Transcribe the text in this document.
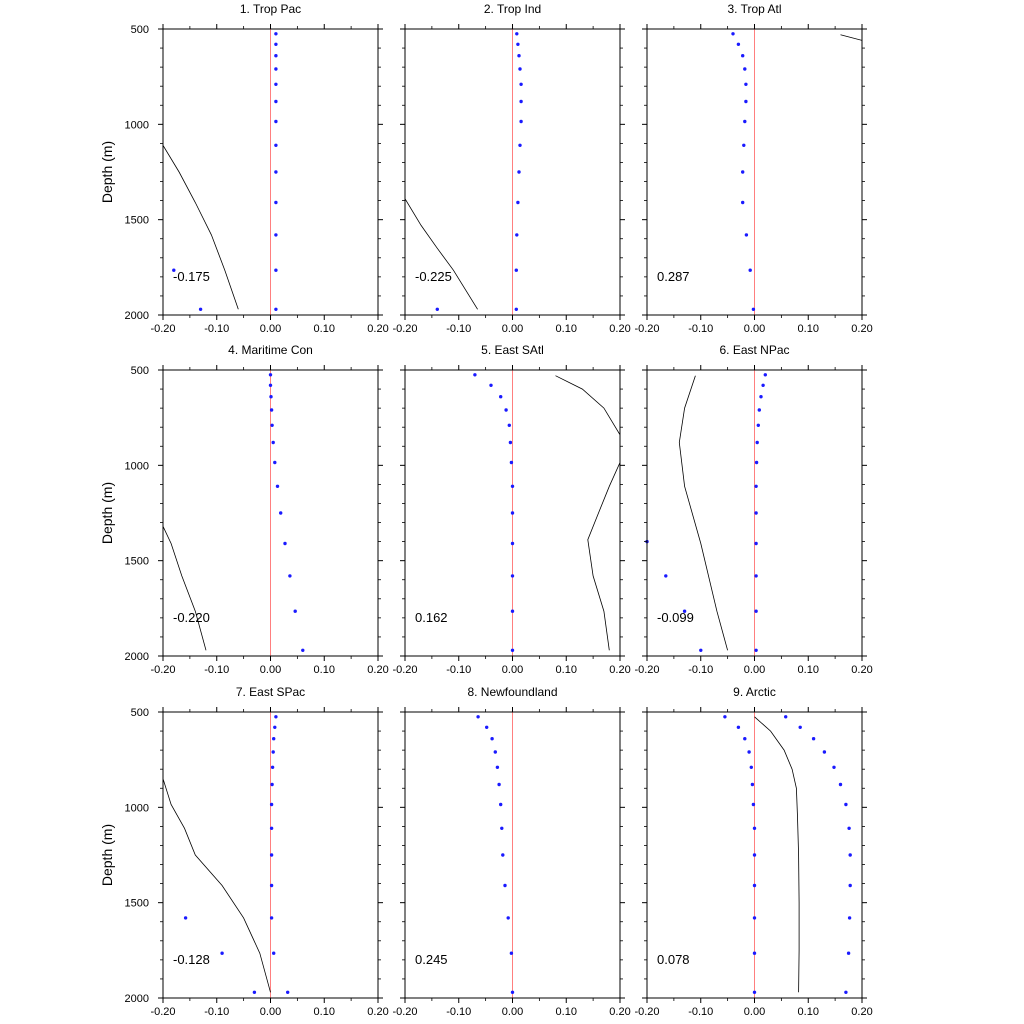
-0.20	-0.10	0.00	0.10	0.20
500
1000
1500
2000
1. Trop Pac
-0.175
Depth (m)
-0.20	-0.10	0.00	0.10	0.20
2. Trop Ind
-0.225
-0.20	-0.10	0.00	0.10	0.20
3. Trop Atl
0.287
-0.20	-0.10	0.00	0.10	0.20
500
1000
1500
2000
4. Maritime Con
-0.220
Depth (m)
-0.20	-0.10	0.00	0.10	0.20
5. East SAtl
0.162
-0.20	-0.10	0.00	0.10	0.20
6. East NPac
-0.099
-0.20	-0.10	0.00	0.10	0.20
500
1000
1500
2000
7. East SPac
-0.128
Depth (m)
-0.20	-0.10	0.00	0.10	0.20
8. Newfoundland
0.245
-0.20	-0.10	0.00	0.10	0.20
9. Arctic
0.078
